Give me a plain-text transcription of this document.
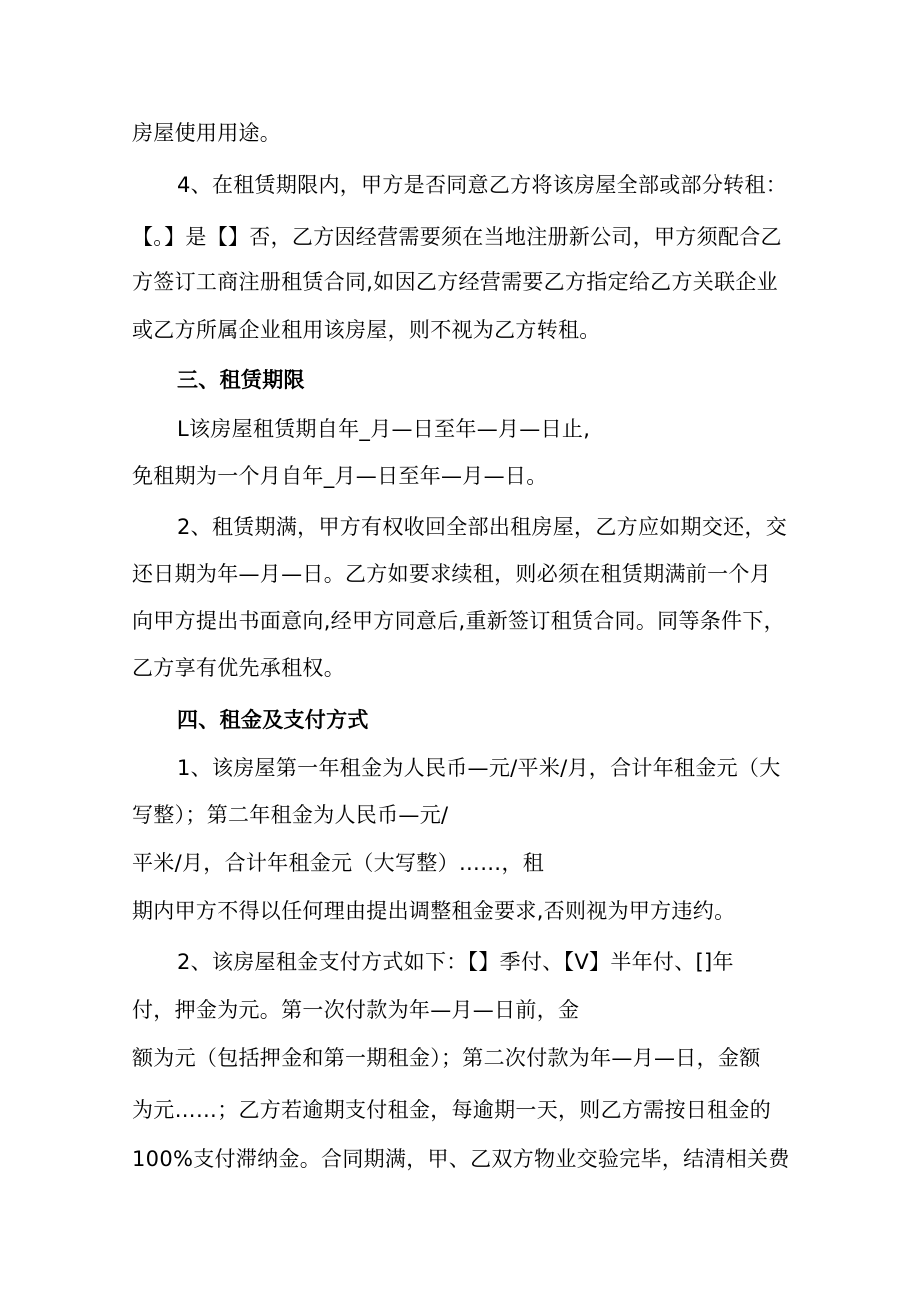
房屋使用用途。
4、在租赁期限内，甲方是否同意乙方将该房屋全部或部分转租：
【。】是【】否，乙方因经营需要须在当地注册新公司，甲方须配合乙
方签订工商注册租赁合同,如因乙方经营需要乙方指定给乙方关联企业
或乙方所属企业租用该房屋，则不视为乙方转租。
三、租赁期限
L该房屋租赁期自年_月—日至年—月—日止,
免租期为一个月自年_月—日至年—月—日。
2、租赁期满，甲方有权收回全部出租房屋，乙方应如期交还，交
还日期为年—月—日。乙方如要求续租，则必须在租赁期满前一个月
向甲方提出书面意向,经甲方同意后,重新签订租赁合同。同等条件下，
乙方享有优先承租权。
四、租金及支付方式
1、该房屋第一年租金为人民币—元/平米/月，合计年租金元（大
写整）；第二年租金为人民币—元/
平米/月，合计年租金元（大写整）……，租
期内甲方不得以任何理由提出调整租金要求,否则视为甲方违约。
2、该房屋租金支付方式如下：【】季付、【V】半年付、[]年
付，押金为元。第一次付款为年—月—日前，金
额为元（包括押金和第一期租金）；第二次付款为年—月—日，金额
为元……；乙方若逾期支付租金，每逾期一天，则乙方需按日租金的
100%支付滞纳金。合同期满，甲、乙双方物业交验完毕，结清相关费
